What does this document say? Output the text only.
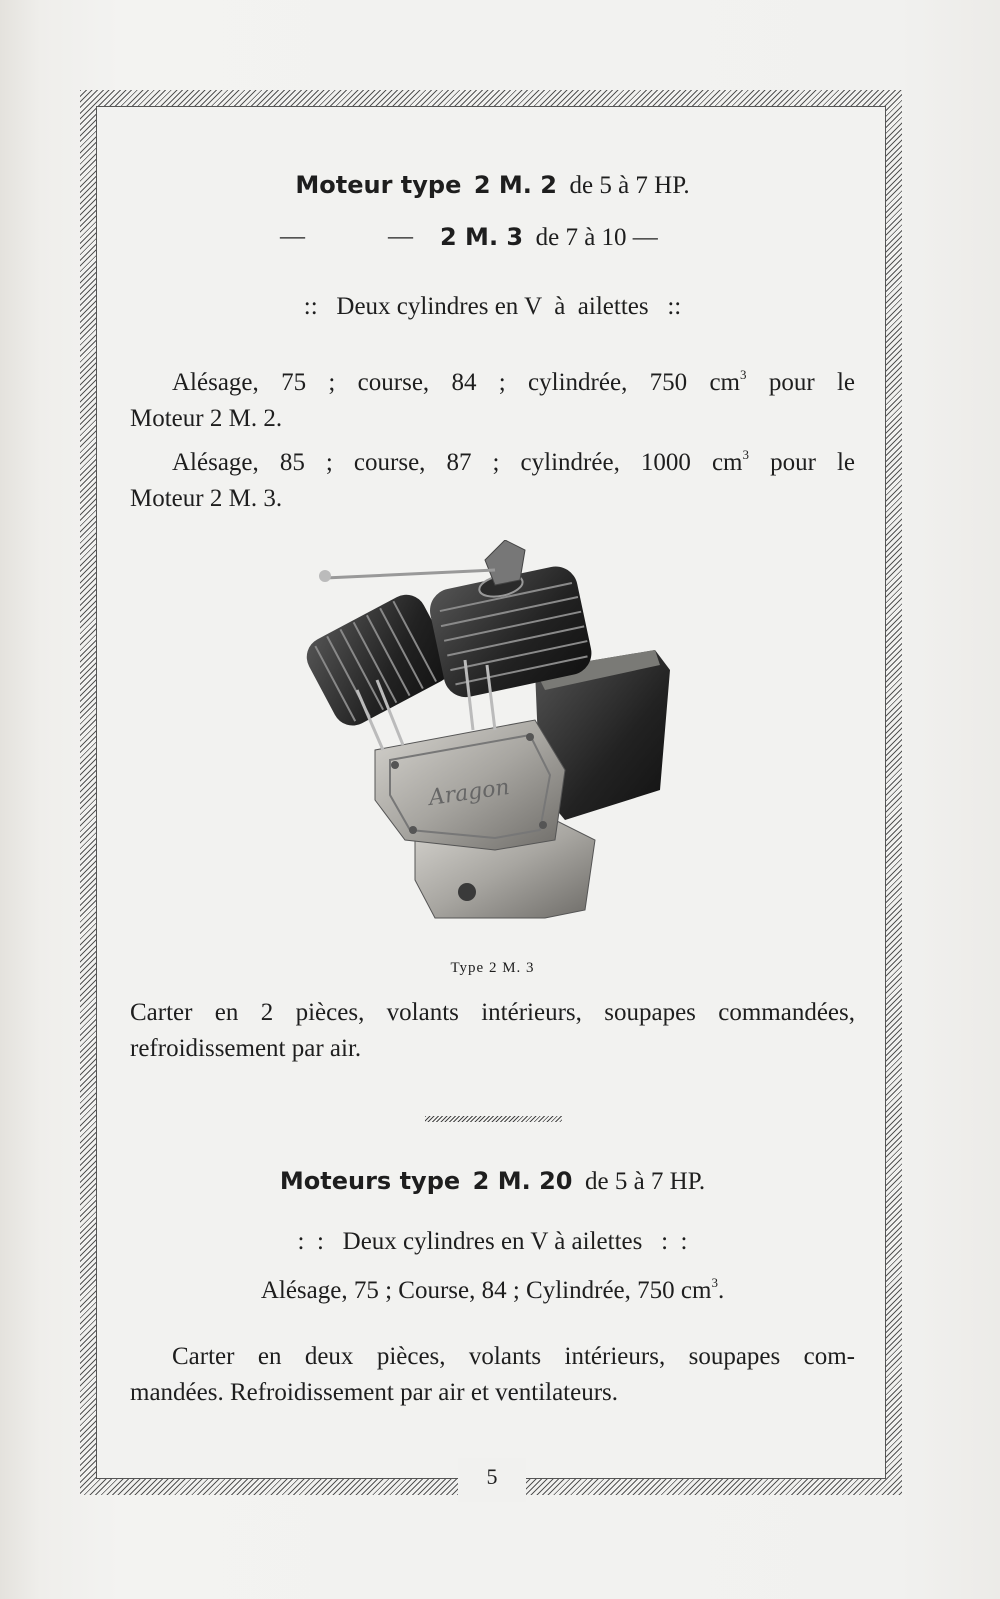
5
Moteur type 2 M. 2 de 5 à 7 HP.
—	— 2 M. 3 de 7 à 10 —
::   Deux cylindres en V  à  ailettes   ::
Alésage, 75 ; course, 84 ; cylindrée, 750 $cm^3$ pour le
Moteur 2 M. 2.
Alésage, 85 ; course, 87 ; cylindrée, 1000 $cm^3$ pour le
Moteur 2 M. 3.
Aragon
Type 2 M. 3
Carter en 2 pièces, volants intérieurs, soupapes commandées,
refroidissement par air.
Moteurs type 2 M. 20 de 5 à 7 HP.
:  :   Deux cylindres en V à ailettes   :  :
Alésage, 75 ; Course, 84 ; Cylindrée, 750 $cm^3$.
Carter en deux pièces, volants intérieurs, soupapes com-
mandées. Refroidissement par air et ventilateurs.
